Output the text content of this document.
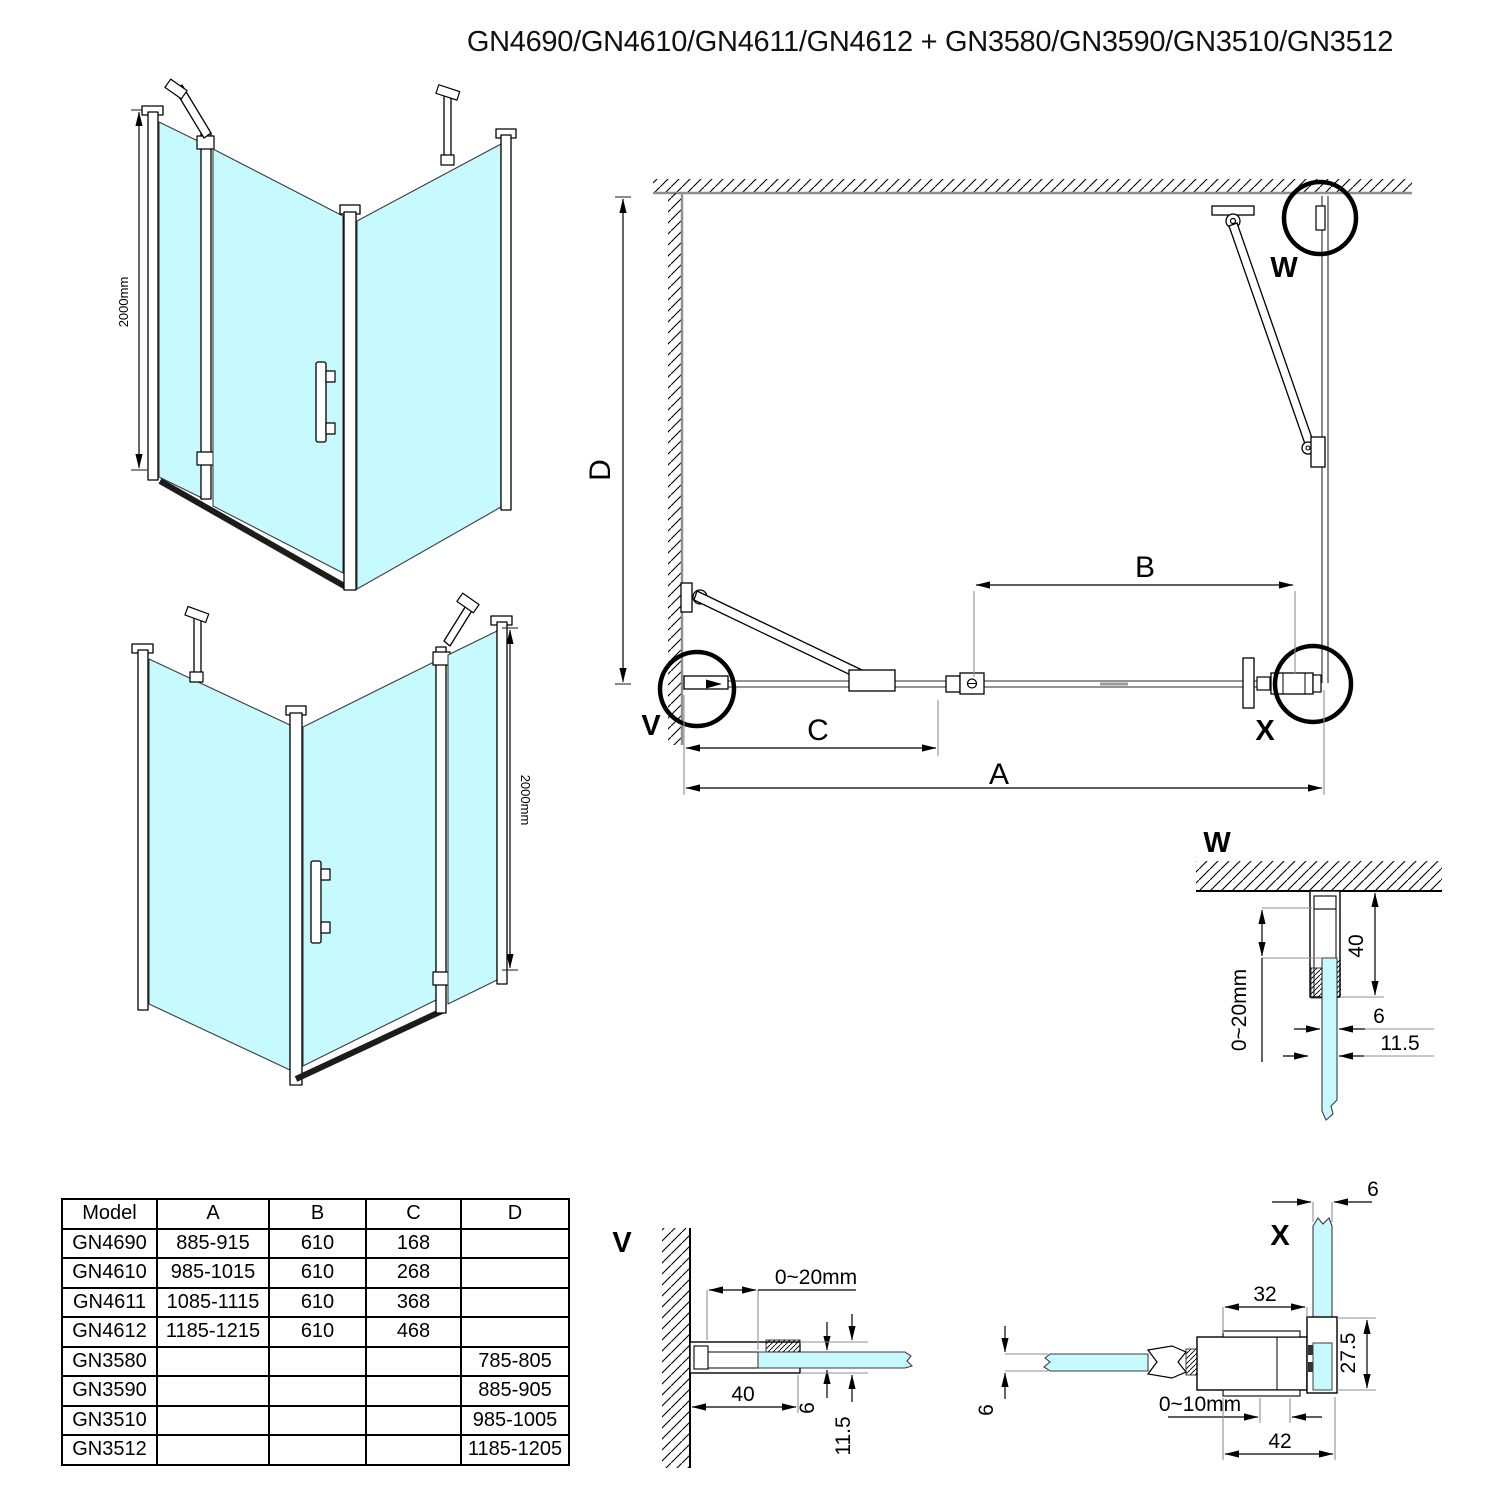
GN4690/GN4610/GN4611/GN4612 + GN3580/GN3590/GN3510/GN3512
2000mm
2000mm
D
V
W
X
B
C
A
W
40
0~20mm	6
11.5
V
0~20mm
40
6
11.5
X
6
6
32
27.5
0~10mm
42
Model	A	B	C	D
GN4690	885-915	610	168	
GN4610	985-1015	610	268	
GN4611	1085-1115	610	368	
GN4612	1185-1215	610	468	
GN3580				785-805
GN3590				885-905
GN3510				985-1005
GN3512				1185-1205
